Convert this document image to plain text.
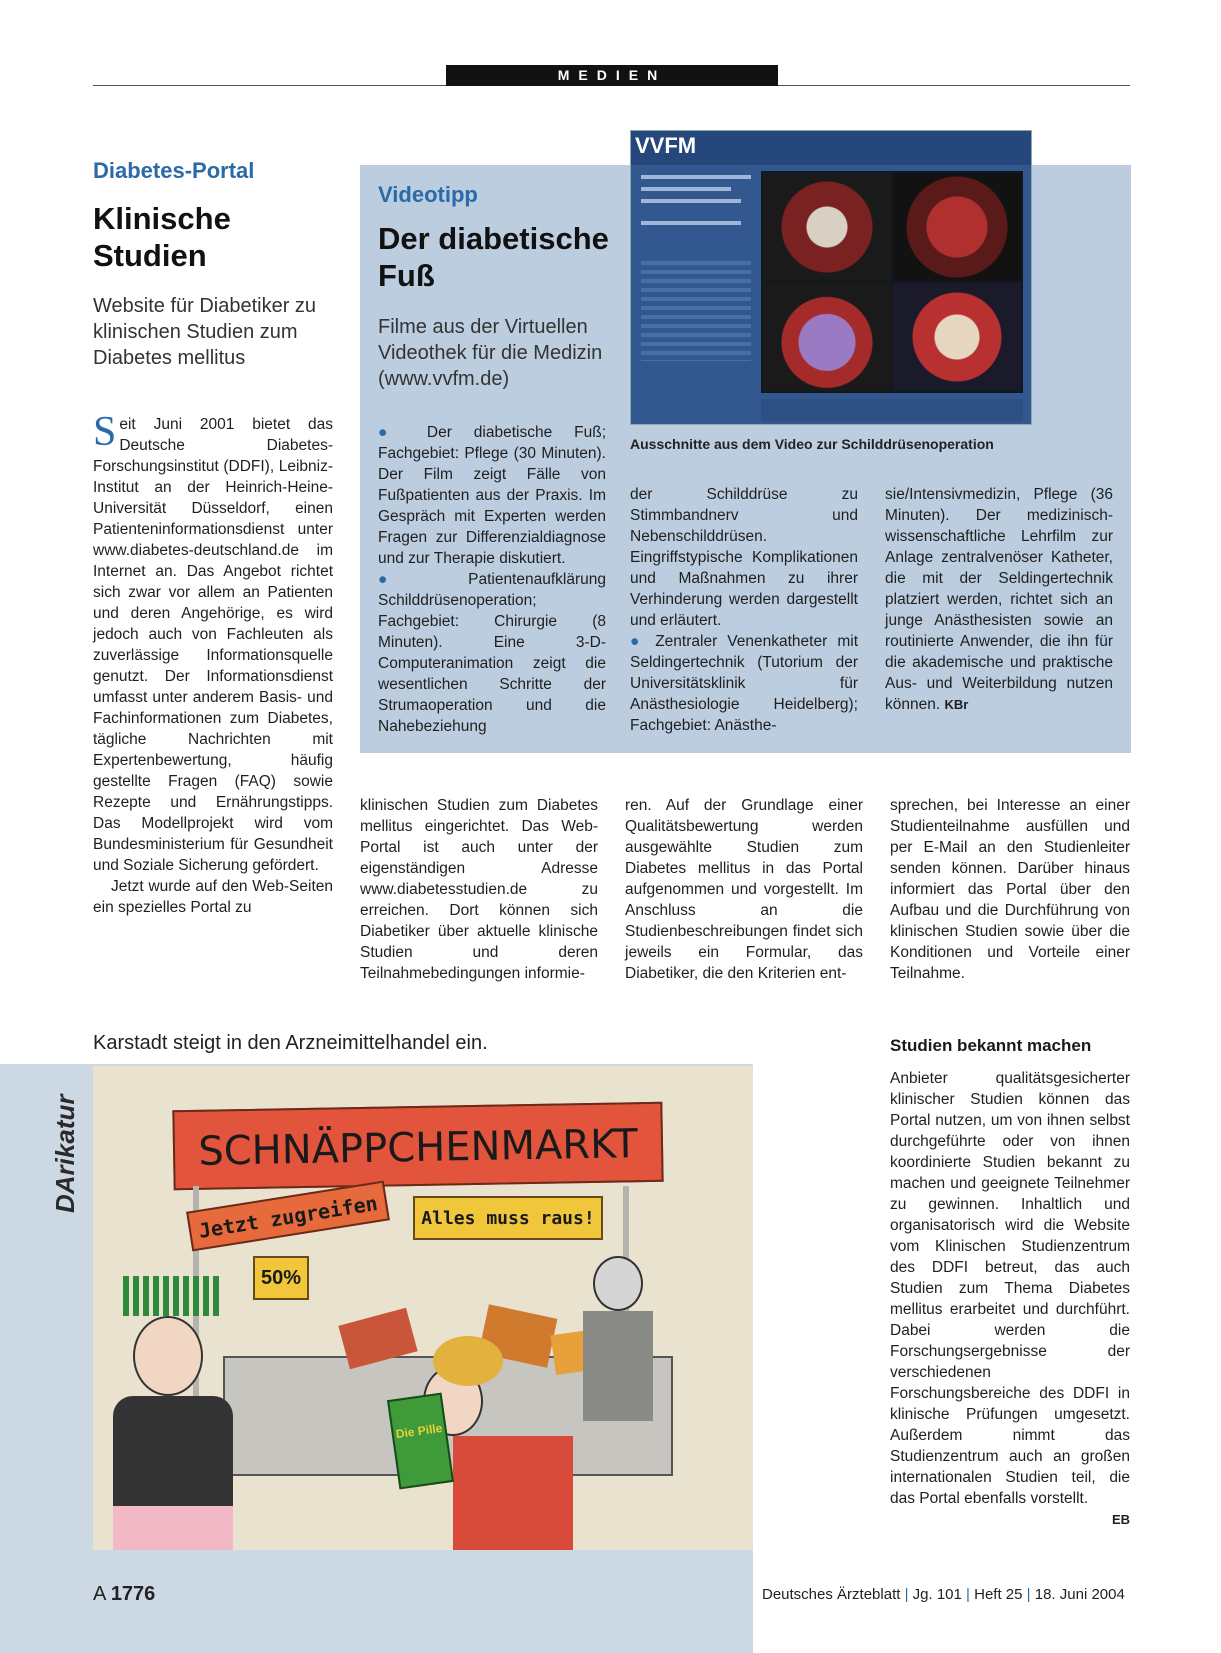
MEDIEN
Diabetes-Portal
Klinische Studien
Website für Diabetiker zu klinischen Studien zum Diabetes mellitus

Seit Juni 2001 bietet das Deutsche Diabetes-Forschungsinstitut (DDFI), Leibniz-Institut an der Heinrich-Heine-Universität Düsseldorf, einen Patienteninformationsdienst unter www.diabetes-deutschland.de im Internet an. Das Angebot richtet sich zwar vor allem an Patienten und deren Angehörige, es wird jedoch auch von Fachleuten als zuverlässige Informationsquelle genutzt. Der Informationsdienst umfasst unter anderem Basis- und Fachinformationen zum Diabetes, tägliche Nachrichten mit Expertenbewertung, häufig gestellte Fragen (FAQ) sowie Rezepte und Ernährungstipps. Das Modellprojekt wird vom Bundesministerium für Gesundheit und Soziale Sicherung gefördert.

Jetzt wurde auf den Web-Seiten ein spezielles Portal zu

Videotipp
Der diabetische Fuß
Filme aus der Virtuellen Videothek für die Medizin (www.vvfm.de)
VVFM
Ausschnitte aus dem Video zur Schilddrüsenoperation

● Der diabetische Fuß; Fachgebiet: Pflege (30 Minuten). Der Film zeigt Fälle von Fußpatienten aus der Praxis. Im Gespräch mit Experten werden Fragen zur Differenzialdiagnose und zur Therapie diskutiert.

● Patientenaufklärung Schilddrüsenoperation; Fachgebiet: Chirurgie (8 Minuten). Eine 3-D-Computeranimation zeigt die wesentlichen Schritte der Strumaoperation und die Nahebeziehung

der Schilddrüse zu Stimmbandnerv und Nebenschilddrüsen. Eingriffstypische Komplikationen und Maßnahmen zu ihrer Verhinderung werden dargestellt und erläutert.

● Zentraler Venenkatheter mit Seldingertechnik (Tutorium der Universitätsklinik für Anästhesiologie Heidelberg); Fachgebiet: Anästhe-

sie/Intensivmedizin, Pflege (36 Minuten). Der medizinisch-wissenschaftliche Lehrfilm zur Anlage zentralvenöser Katheter, die mit der Seldingertechnik platziert werden, richtet sich an junge Anästhesisten sowie an routinierte Anwender, die ihn für die akademische und praktische Aus- und Weiterbildung nutzen können. KBr

klinischen Studien zum Diabetes mellitus eingerichtet. Das Web-Portal ist auch unter der eigenständigen Adresse www.diabetesstudien.de zu erreichen. Dort können sich Diabetiker über aktuelle klinische Studien und deren Teilnahmebedingungen informie-
ren. Auf der Grundlage einer Qualitätsbewertung werden ausgewählte Studien zum Diabetes mellitus in das Portal aufgenommen und vorgestellt. Im Anschluss an die Studienbeschreibungen findet sich jeweils ein Formular, das Diabetiker, die den Kriterien ent-
sprechen, bei Interesse an einer Studienteilnahme ausfüllen und per E-Mail an den Studienleiter senden können. Darüber hinaus informiert das Portal über den Aufbau und die Durchführung von klinischen Studien sowie über die Konditionen und Vorteile einer Teilnahme.
Studien bekannt machen

Anbieter qualitätsgesicherter klinischer Studien können das Portal nutzen, um von ihnen selbst durchgeführte oder von ihnen koordinierte Studien bekannt zu machen und geeignete Teilnehmer zu gewinnen. Inhaltlich und organisatorisch wird die Website vom Klinischen Studienzentrum des DDFI betreut, das auch Studien zum Thema Diabetes mellitus erarbeitet und durchführt. Dabei werden die Forschungsergebnisse der verschiedenen Forschungsbereiche des DDFI in klinische Prüfungen umgesetzt. Außerdem nimmt das Studienzentrum auch an großen internationalen Studien teil, die das Portal ebenfalls vorstellt.

EB

Karstadt steigt in den Arzneimittelhandel ein.
DArikatur	SCHNÄPPCHENMARKT
Jetzt zugreifen	Alles muss raus!
50%
Die Pille
A 1776	Deutsches Ärzteblatt | Jg. 101 | Heft 25 | 18. Juni 2004
